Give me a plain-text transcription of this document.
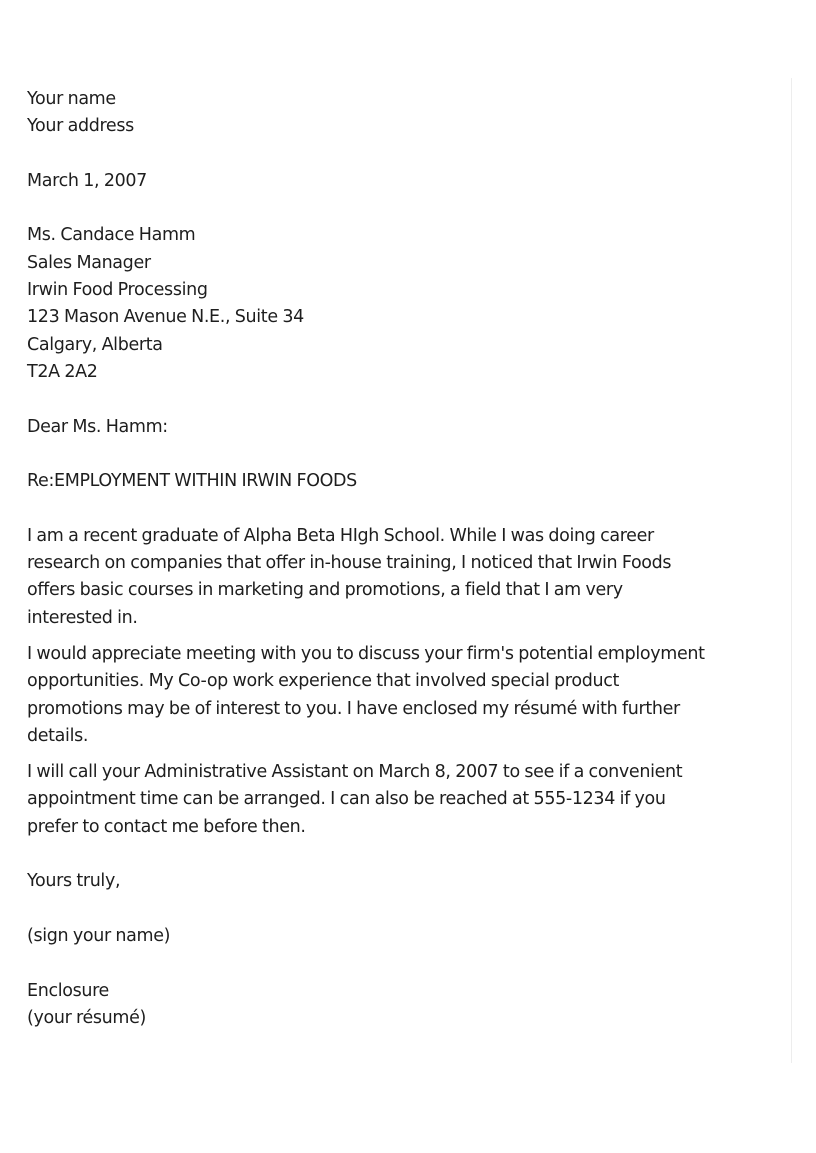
Your name
Your address
March 1, 2007
Ms. Candace Hamm
Sales Manager
Irwin Food Processing
123 Mason Avenue N.E., Suite 34
Calgary, Alberta
T2A 2A2
Dear Ms. Hamm:
Re:EMPLOYMENT WITHIN IRWIN FOODS
I am a recent graduate of Alpha Beta HIgh School. While I was doing career
research on companies that offer in-house training, I noticed that Irwin Foods
offers basic courses in marketing and promotions, a field that I am very
interested in.
I would appreciate meeting with you to discuss your firm's potential employment
opportunities. My Co-op work experience that involved special product
promotions may be of interest to you. I have enclosed my résumé with further
details.
I will call your Administrative Assistant on March 8, 2007 to see if a convenient
appointment time can be arranged. I can also be reached at 555-1234 if you
prefer to contact me before then.
Yours truly,
(sign your name)
Enclosure
(your résumé)
